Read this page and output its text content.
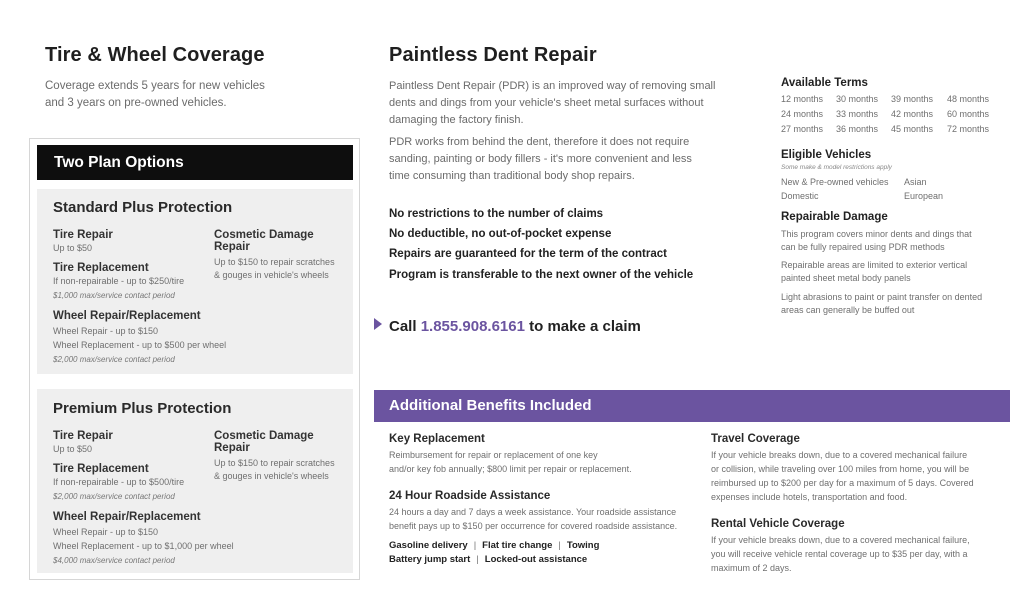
Tire & Wheel Coverage
Coverage extends 5 years for new vehicles
and 3 years on pre-owned vehicles.
Two Plan Options
Standard Plus Protection
Tire Repair
Up to $50
Cosmetic Damage
Repair
Up to $150 to repair scratches
& gouges in vehicle's wheels
Tire Replacement
If non-repairable - up to $250/tire
$1,000 max/service contact period
Wheel Repair/Replacement
Wheel Repair - up to $150
Wheel Replacement - up to $500 per wheel
$2,000 max/service contact period
Premium Plus Protection
Tire Repair
Up to $50
Cosmetic Damage
Repair
Up to $150 to repair scratches
& gouges in vehicle's wheels
Tire Replacement
If non-repairable - up to $500/tire
$2,000 max/service contact period
Wheel Repair/Replacement
Wheel Repair - up to $150
Wheel Replacement - up to $1,000 per wheel
$4,000 max/service contact period
Paintless Dent Repair
Paintless Dent Repair (PDR) is an improved way of removing small
dents and dings from your vehicle's sheet metal surfaces without
damaging the factory finish.
PDR works from behind the dent, therefore it does not require
sanding, painting or body fillers - it's more convenient and less
time consuming than traditional body shop repairs.
No restrictions to the number of claims
No deductible, no out-of-pocket expense
Repairs are guaranteed for the term of the contract
Program is transferable to the next owner of the vehicle
Call 1.855.908.6161 to make a claim
Available Terms
12 months 30 months 39 months 48 months
24 months 33 months 42 months 60 months
27 months 36 months 45 months 72 months
Eligible Vehicles
Some make & model restrictions apply
New & Pre-owned vehicles Asian
Domestic	European
Repairable Damage
This program covers minor dents and dings that
can be fully repaired using PDR methods
Repairable areas are limited to exterior vertical
painted sheet metal body panels
Light abrasions to paint or paint transfer on dented
areas can generally be buffed out
Additional Benefits Included
Key Replacement
Reimbursement for repair or replacement of one key
and/or key fob annually; $800 limit per repair or replacement.
24 Hour Roadside Assistance
24 hours a day and 7 days a week assistance. Your roadside assistance
benefit pays up to $150 per occurrence for covered roadside assistance.
Gasoline delivery | Flat tire change | Towing
Battery jump start | Locked-out assistance
Travel Coverage
If your vehicle breaks down, due to a covered mechanical failure
or collision, while traveling over 100 miles from home, you will be
reimbursed up to $200 per day for a maximum of 5 days. Covered
expenses include hotels, transportation and food.
Rental Vehicle Coverage
If your vehicle breaks down, due to a covered mechanical failure,
you will receive vehicle rental coverage up to $35 per day, with a
maximum of 2 days.
